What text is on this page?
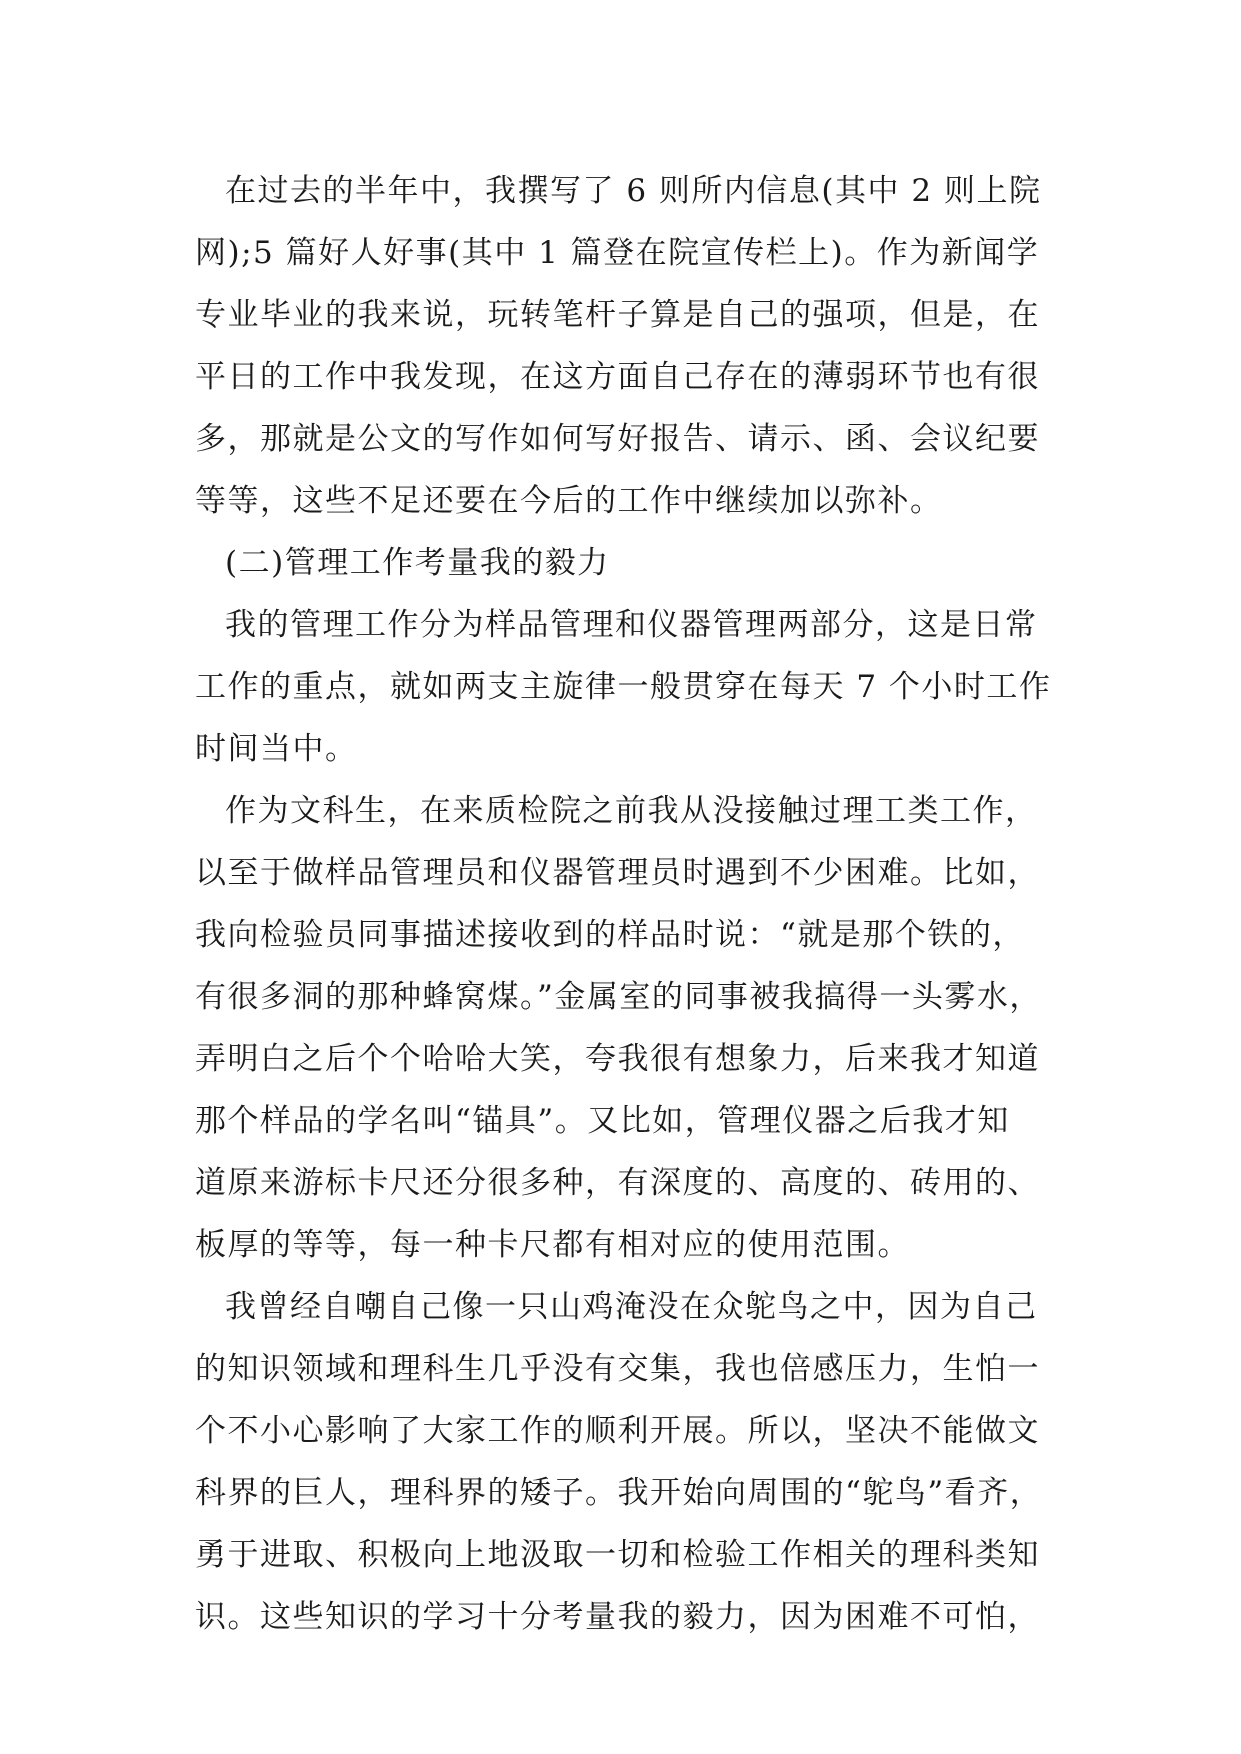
在过去的半年中，我撰写了 6 则所内信息(其中 2 则上院
网);5 篇好人好事(其中 1 篇登在院宣传栏上)。作为新闻学
专业毕业的我来说，玩转笔杆子算是自己的强项，但是，在
平日的工作中我发现，在这方面自己存在的薄弱环节也有很
多，那就是公文的写作如何写好报告、请示、函、会议纪要
等等，这些不足还要在今后的工作中继续加以弥补。
(二)管理工作考量我的毅力
我的管理工作分为样品管理和仪器管理两部分，这是日常
工作的重点，就如两支主旋律一般贯穿在每天 7 个小时工作
时间当中。
作为文科生，在来质检院之前我从没接触过理工类工作，
以至于做样品管理员和仪器管理员时遇到不少困难。比如，
我向检验员同事描述接收到的样品时说：“就是那个铁的，
有很多洞的那种蜂窝煤。”金属室的同事被我搞得一头雾水，
弄明白之后个个哈哈大笑，夸我很有想象力，后来我才知道
那个样品的学名叫“锚具”。又比如，管理仪器之后我才知
道原来游标卡尺还分很多种，有深度的、高度的、砖用的、
板厚的等等，每一种卡尺都有相对应的使用范围。
我曾经自嘲自己像一只山鸡淹没在众鸵鸟之中，因为自己
的知识领域和理科生几乎没有交集，我也倍感压力，生怕一
个不小心影响了大家工作的顺利开展。所以，坚决不能做文
科界的巨人，理科界的矮子。我开始向周围的“鸵鸟”看齐，
勇于进取、积极向上地汲取一切和检验工作相关的理科类知
识。这些知识的学习十分考量我的毅力，因为困难不可怕，
